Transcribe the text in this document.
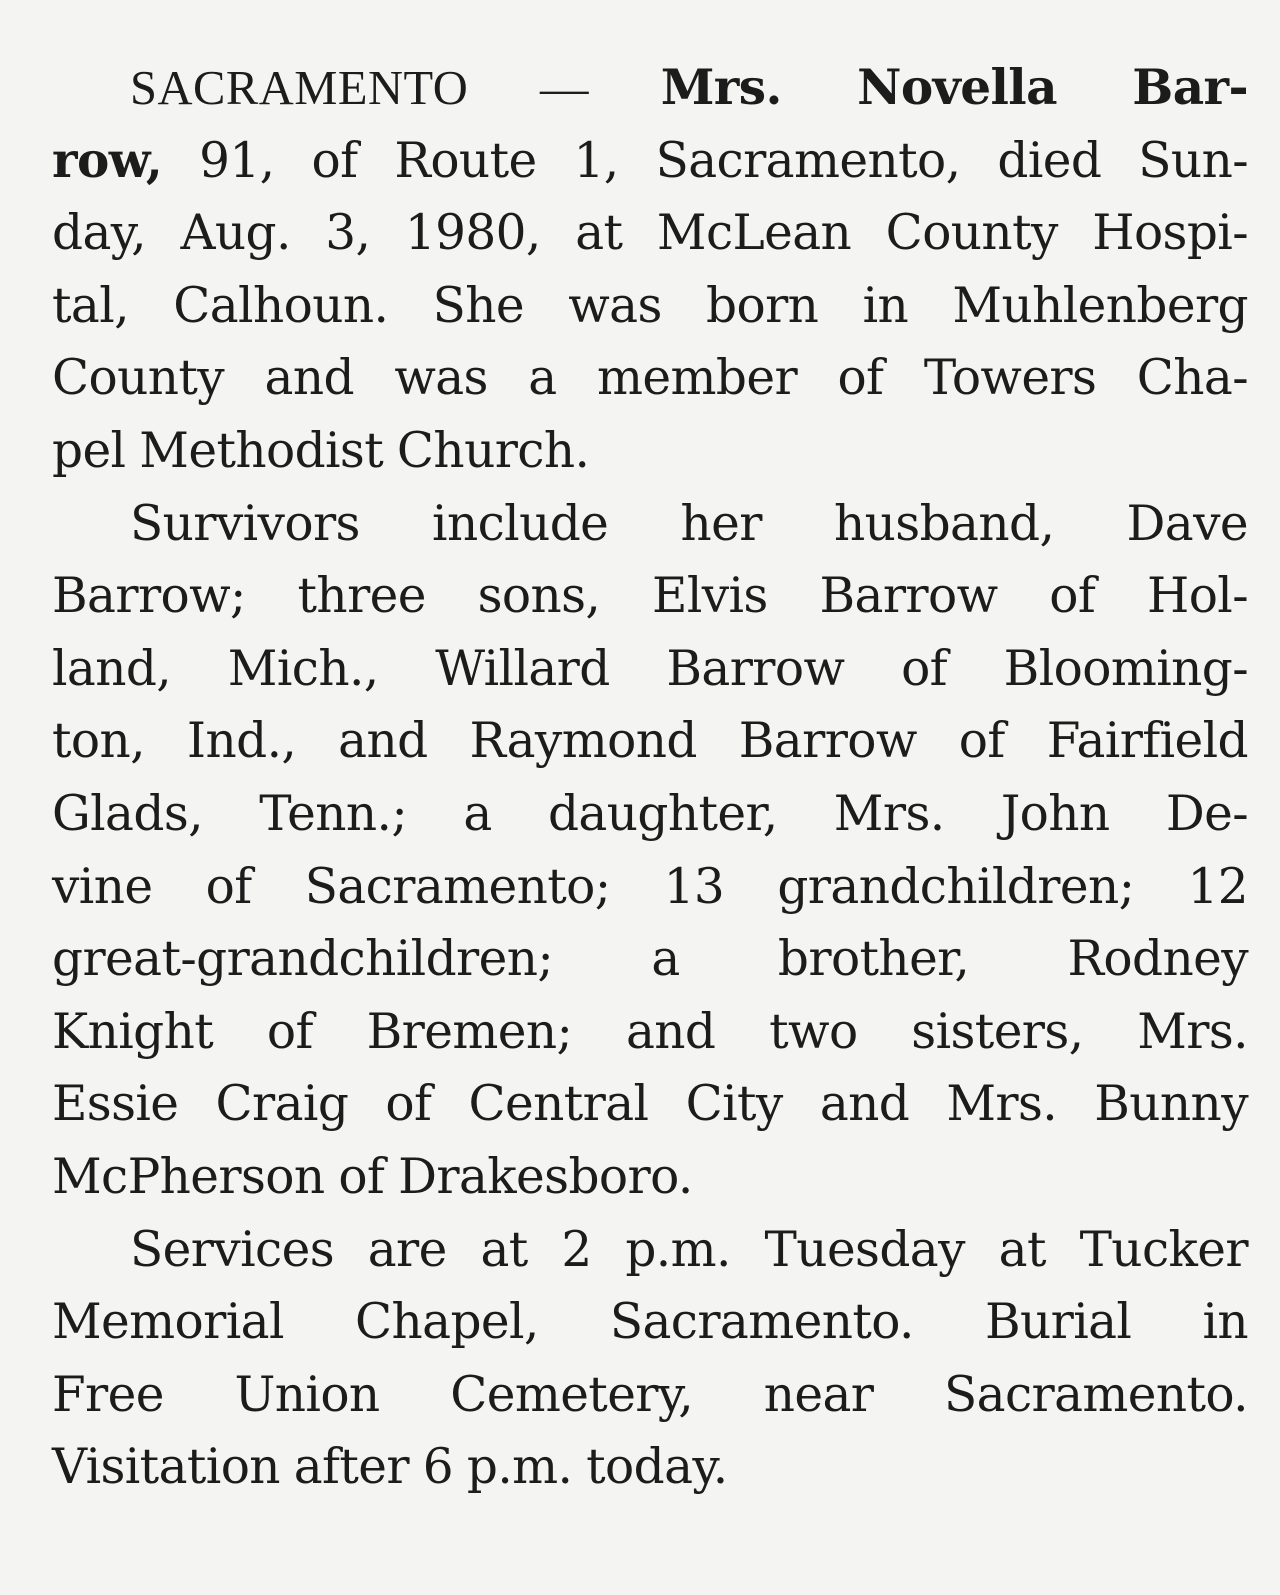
SACRAMENTO — Mrs. Novella Bar-
row, 91, of Route 1, Sacramento, died Sun-
day, Aug. 3, 1980, at McLean County Hospi-
tal, Calhoun. She was born in Muhlenberg
County and was a member of Towers Cha-
pel Methodist Church.
Survivors include her husband, Dave
Barrow; three sons, Elvis Barrow of Hol-
land, Mich., Willard Barrow of Blooming-
ton, Ind., and Raymond Barrow of Fairfield
Glads, Tenn.; a daughter, Mrs. John De-
vine of Sacramento; 13 grandchildren; 12
great-grandchildren; a brother, Rodney
Knight of Bremen; and two sisters, Mrs.
Essie Craig of Central City and Mrs. Bunny
McPherson of Drakesboro.
Services are at 2 p.m. Tuesday at Tucker
Memorial Chapel, Sacramento. Burial in
Free Union Cemetery, near Sacramento.
Visitation after 6 p.m. today.
